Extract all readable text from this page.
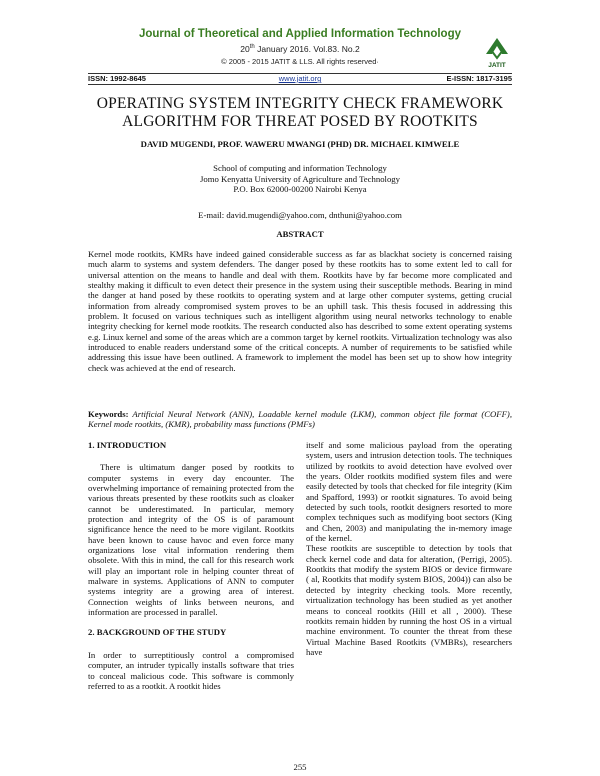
Journal of Theoretical and Applied Information Technology
20th January 2016. Vol.83. No.2
© 2005 - 2015 JATIT & LLS. All rights reserved·	JATIT
ISSN: 1992-8645	www.jatit.org	E-ISSN: 1817-3195
OPERATING SYSTEM INTEGRITY CHECK FRAMEWORK ALGORITHM FOR THREAT POSED BY ROOTKITS
DAVID MUGENDI, PROF. WAWERU MWANGI (PHD) DR. MICHAEL KIMWELE
School of computing and information Technology
Jomo Kenyatta University of Agriculture and Technology
P.O. Box 62000-00200 Nairobi Kenya
E-mail: david.mugendi@yahoo.com, dnthuni@yahoo.com
ABSTRACT

Kernel mode rootkits, KMRs have indeed gained considerable success as far as blackhat society is concerned raising much alarm to systems and system defenders. The danger posed by these rootkits has to some extent led to call for universal attention on the means to handle and deal with them. Rootkits have by far become more complicated and stealthy making it difficult to even detect their presence in the system using their susceptible methods. Bearing in mind the danger at hand posed by these rootkits to operating system and at large other computer systems, getting crucial information from already compromised system proves to be an uphill task. This thesis focused in addressing this problem. It focused on various techniques such as intelligent algorithm using neural networks technology to enable integrity checking for kernel mode rootkits. The research conducted also has described to some extent operating systems e.g. Linux kernel and some of the areas which are a common target by kernel rootkits. Virtualization technology was also introduced to enable readers understand some of the critical concepts. A number of requirements to be satisfied while addressing this issue have been outlined. A framework to implement the model has been set up to show how integrity check was achieved at the end of research.

Keywords: Artificial Neural Network (ANN), Loadable kernel module (LKM), common object file format (COFF), Kernel mode rootkits, (KMR), probability mass functions (PMFs)

1. INTRODUCTION

There is ultimatum danger posed by rootkits to computer systems in every day encounter. The overwhelming importance of remaining protected from the various threats presented by these rootkits such as cloaker cannot be underestimated. In particular, memory protection and integrity of the OS is of paramount significance hence the need to be more vigilant. Rootkits have been known to cause havoc and even force many organizations lose vital information rendering them obsolete. With this in mind, the call for this research work will play an important role in helping counter threat of malware in systems. Applications of ANN to computer systems integrity are a growing area of interest. Connection weights of links between neurons, and information are processed in parallel.

2. BACKGROUND OF THE STUDY

In order to surreptitiously control a compromised computer, an intruder typically installs software that tries to conceal malicious code. This software is commonly referred to as a rootkit. A rootkit hides

itself and some malicious payload from the operating system, users and intrusion detection tools. The techniques utilized by rootkits to avoid detection have evolved over the years. Older rootkits modified system files and were easily detected by tools that checked for file integrity (Kim and Spafford, 1993) or rootkit signatures. To avoid being detected by such tools, rootkit designers resorted to more complex techniques such as modifying boot sectors (King and Chen, 2003) and manipulating the in-memory image of the kernel.

These rootkits are susceptible to detection by tools that check kernel code and data for alteration, (Perrigi, 2005). Rootkits that modify the system BIOS or device firmware ( al, Rootkits that modify system BIOS, 2004)) can also be detected by integrity checking tools. More recently, virtualization technology has been studied as yet another means to conceal rootkits (Hill et all , 2000). These rootkits remain hidden by running the host OS in a virtual machine environment. To counter the threat from these Virtual Machine Based Rootkits (VMBRs), researchers have

255
